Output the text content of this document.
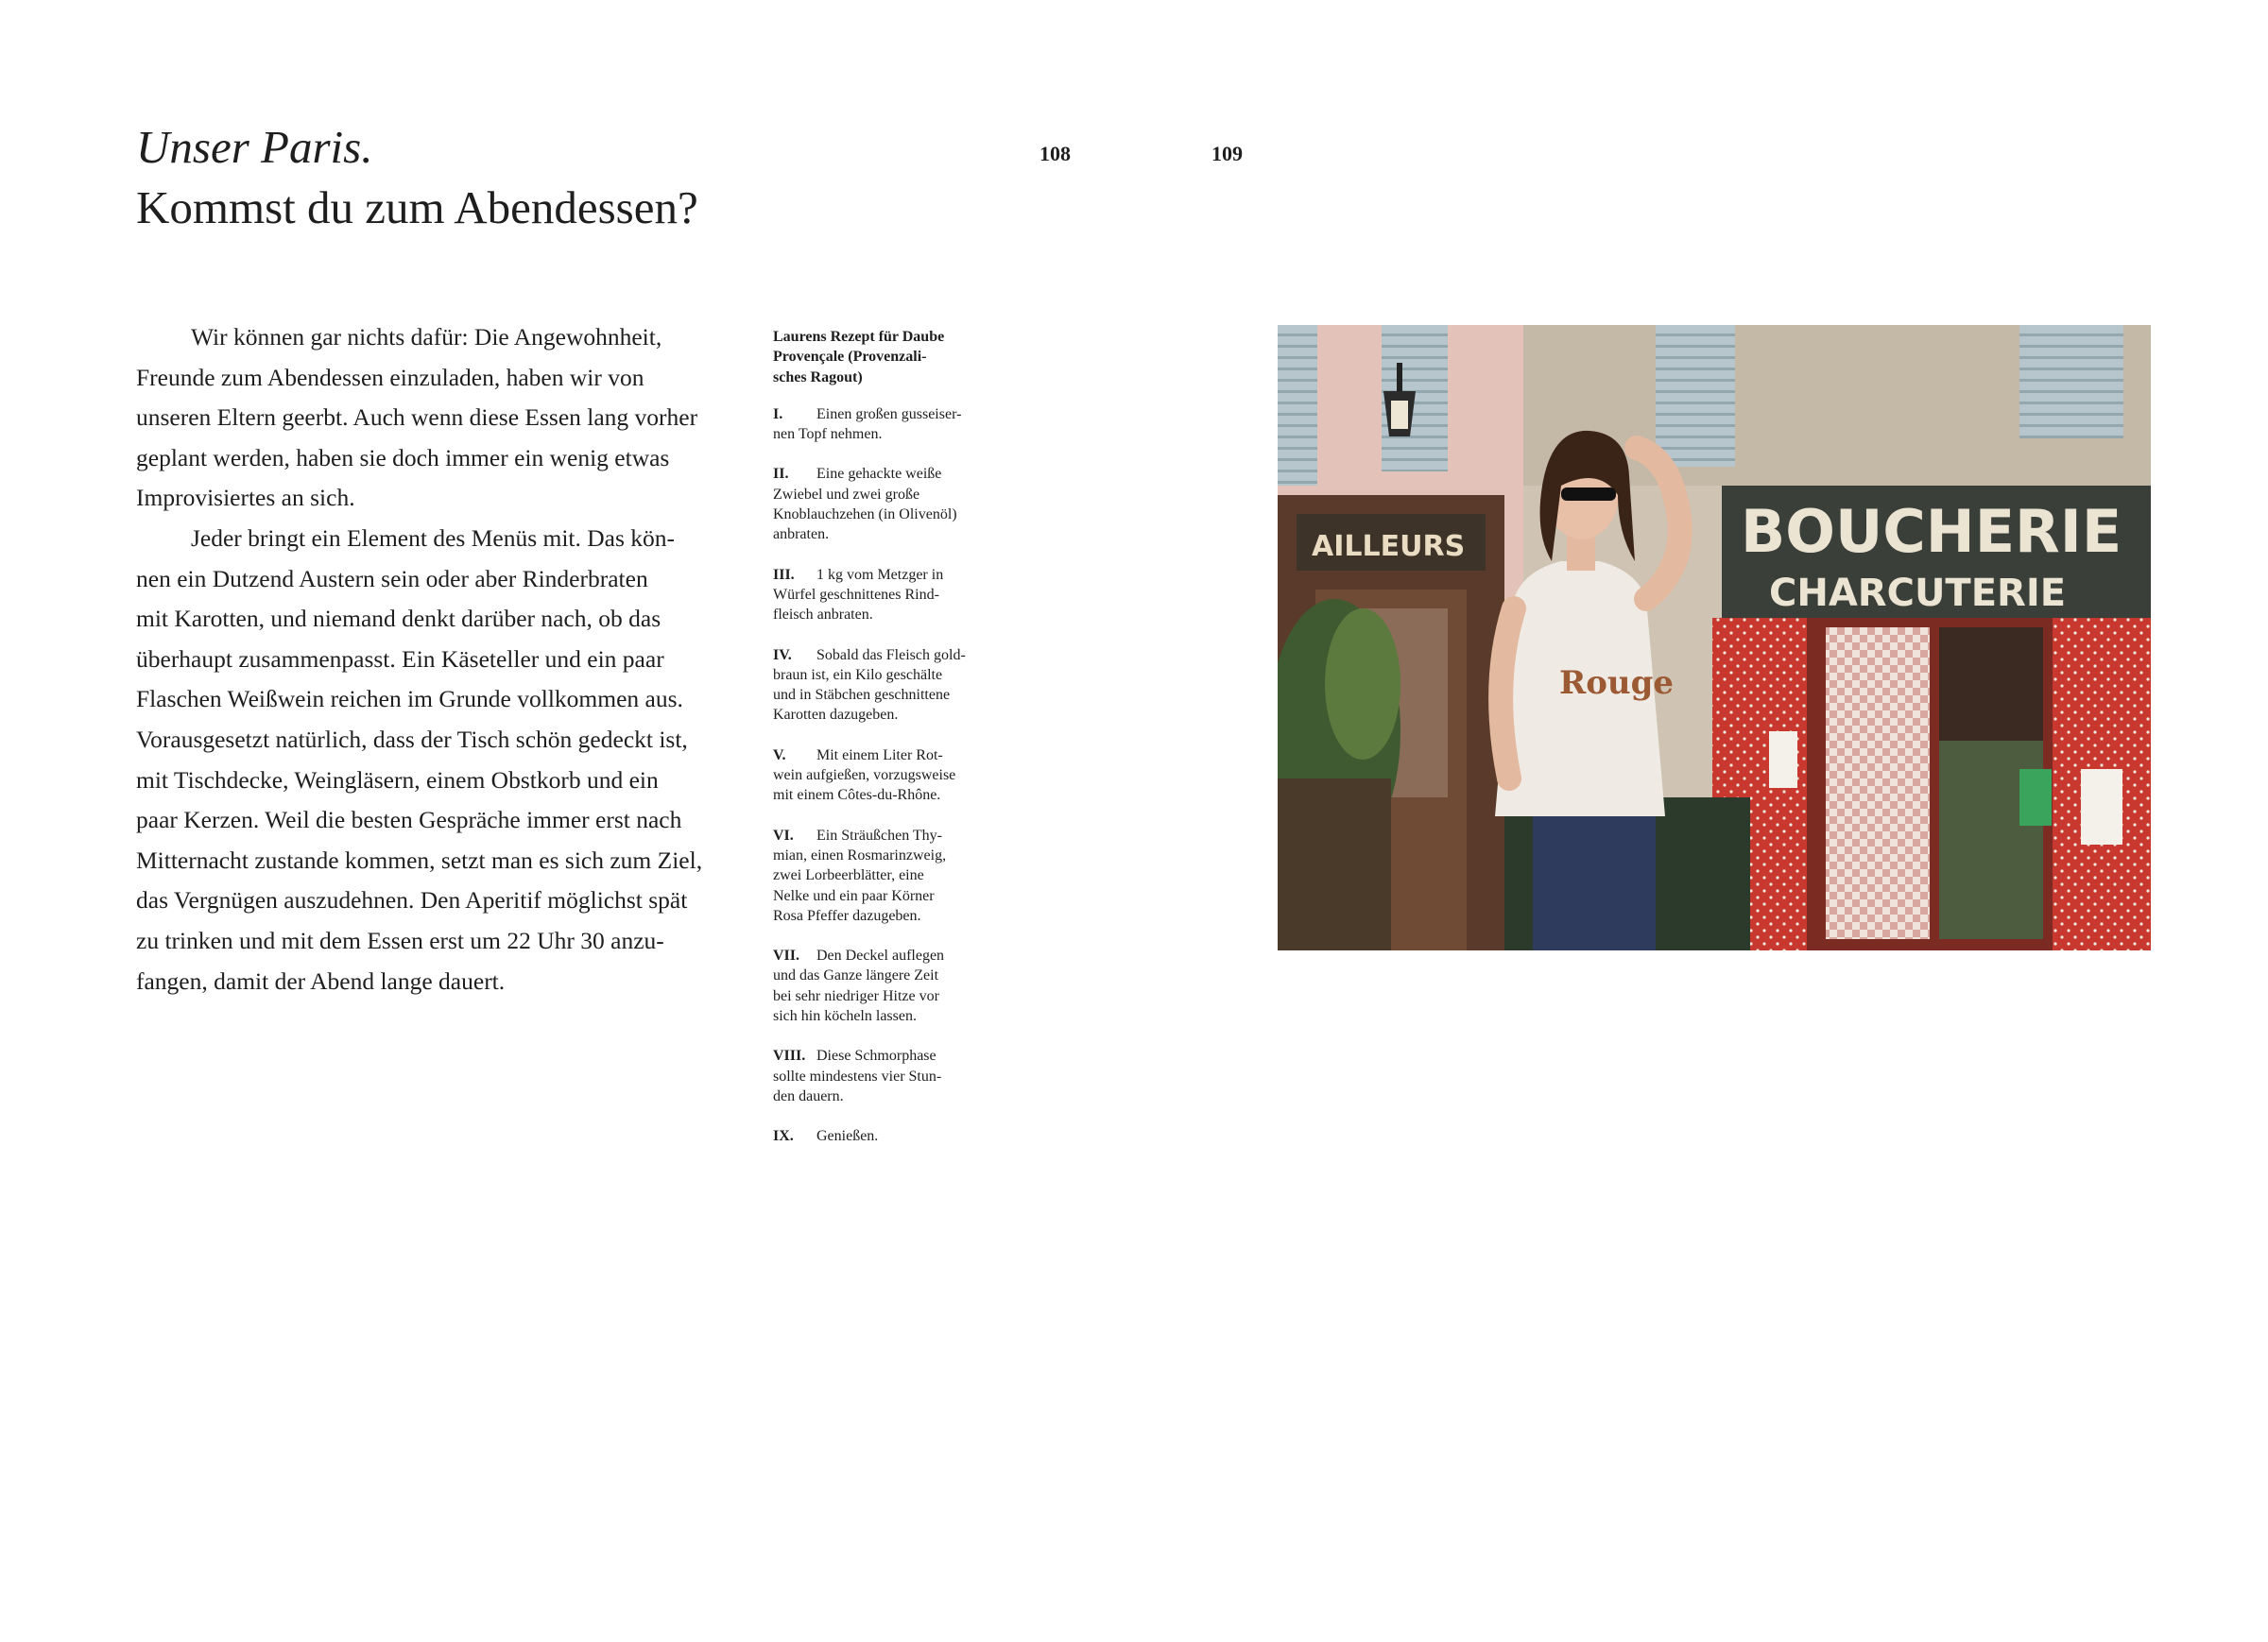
Unser Paris.
Kommst du zum Abendessen?
108	109

Wir können gar nichts dafür: Die Angewohnheit,
Freunde zum Abendessen einzuladen, haben wir von
unseren Eltern geerbt. Auch wenn diese Essen lang vorher
geplant werden, haben sie doch immer ein wenig etwas
Improvisiertes an sich.

Jeder bringt ein Element des Menüs mit. Das kön-
nen ein Dutzend Austern sein oder aber Rinderbraten
mit Karotten, und niemand denkt darüber nach, ob das
überhaupt zusammenpasst. Ein Käseteller und ein paar
Flaschen Weißwein reichen im Grunde vollkommen aus.
Vorausgesetzt natürlich, dass der Tisch schön gedeckt ist,
mit Tischdecke, Weingläsern, einem Obstkorb und ein
paar Kerzen. Weil die besten Gespräche immer erst nach
Mitternacht zustande kommen, setzt man es sich zum Ziel,
das Vergnügen auszudehnen. Den Aperitif möglichst spät
zu trinken und mit dem Essen erst um 22 Uhr 30 anzu-
fangen, damit der Abend lange dauert.

Laurens Rezept für Daube
Provençale (Provenzali-
sches Ragout)
I. Einen großen gusseiser-
nen Topf nehmen.
II. Eine gehackte weiße
Zwiebel und zwei große
Knoblauchzehen (in Olivenöl)
anbraten.
III. 1 kg vom Metzger in
Würfel geschnittenes Rind-
fleisch anbraten.
IV. Sobald das Fleisch gold-
braun ist, ein Kilo geschälte
und in Stäbchen geschnittene
Karotten dazugeben.
V. Mit einem Liter Rot-
wein aufgießen, vorzugsweise
mit einem Côtes-du-Rhône.
VI. Ein Sträußchen Thy-
mian, einen Rosmarinzweig,
zwei Lorbeerblätter, eine
Nelke und ein paar Körner
Rosa Pfeffer dazugeben.
VII. Den Deckel auflegen
und das Ganze längere Zeit
bei sehr niedriger Hitze vor
sich hin köcheln lassen.
VIII. Diese Schmorphase
sollte mindestens vier Stun-
den dauern.
IX. Genießen.
AILLEURS	BOUCHERIE
CHARCUTERIE
Rouge
